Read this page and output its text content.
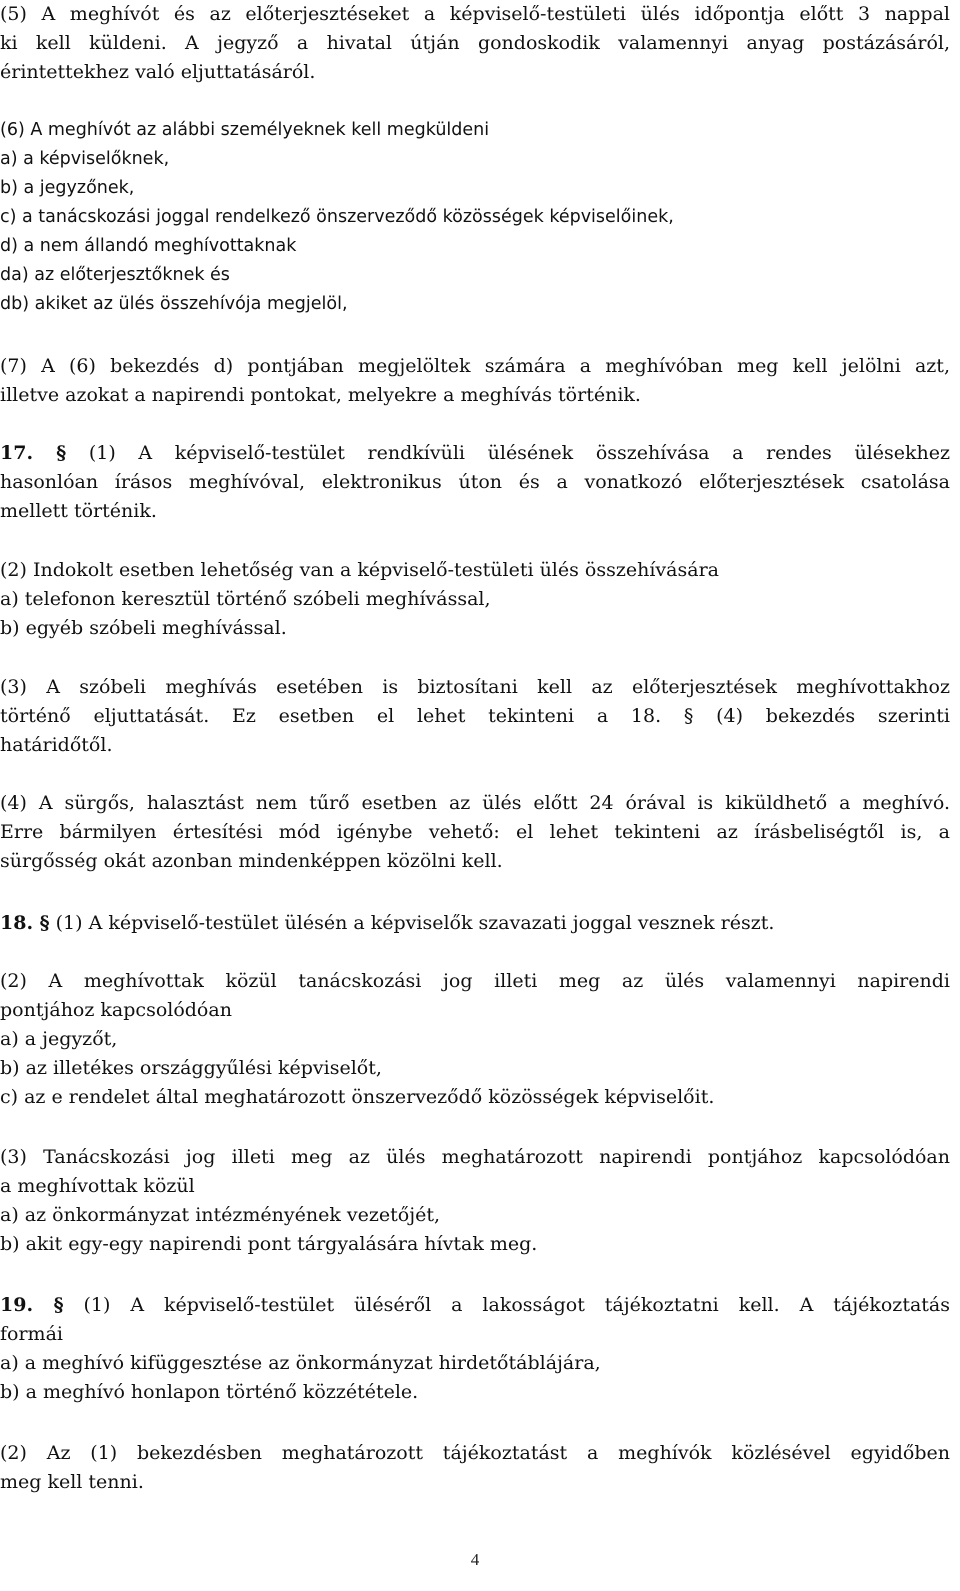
(5) A meghívót és az előterjesztéseket a képviselő-testületi ülés időpontja előtt 3 nappal
ki kell küldeni. A jegyző a hivatal útján gondoskodik valamennyi anyag postázásáról,
érintettekhez való eljuttatásáról.
(6) A meghívót az alábbi személyeknek kell megküldeni
a) a képviselőknek,
b) a jegyzőnek,
c) a tanácskozási joggal rendelkező önszerveződő közösségek képviselőinek,
d) a nem állandó meghívottaknak
da) az előterjesztőknek és
db) akiket az ülés összehívója megjelöl,
(7) A (6) bekezdés d) pontjában megjelöltek számára a meghívóban meg kell jelölni azt,
illetve azokat a napirendi pontokat, melyekre a meghívás történik.
17. § (1) A képviselő-testület rendkívüli ülésének összehívása a rendes ülésekhez
hasonlóan írásos meghívóval, elektronikus úton és a vonatkozó előterjesztések csatolása
mellett történik.
(2) Indokolt esetben lehetőség van a képviselő-testületi ülés összehívására
a) telefonon keresztül történő szóbeli meghívással,
b) egyéb szóbeli meghívással.
(3) A szóbeli meghívás esetében is biztosítani kell az előterjesztések meghívottakhoz
történő eljuttatását. Ez esetben el lehet tekinteni a 18. § (4) bekezdés szerinti
határidőtől.
(4) A sürgős, halasztást nem tűrő esetben az ülés előtt 24 órával is kiküldhető a meghívó.
Erre bármilyen értesítési mód igénybe vehető: el lehet tekinteni az írásbeliségtől is, a
sürgősség okát azonban mindenképpen közölni kell.
18. § (1) A képviselő-testület ülésén a képviselők szavazati joggal vesznek részt.
(2) A meghívottak közül tanácskozási jog illeti meg az ülés valamennyi napirendi
pontjához kapcsolódóan
a) a jegyzőt,
b) az illetékes országgyűlési képviselőt,
c) az e rendelet által meghatározott önszerveződő közösségek képviselőit.
(3) Tanácskozási jog illeti meg az ülés meghatározott napirendi pontjához kapcsolódóan
a meghívottak közül
a) az önkormányzat intézményének vezetőjét,
b) akit egy-egy napirendi pont tárgyalására hívtak meg.
19. § (1) A képviselő-testület üléséről a lakosságot tájékoztatni kell. A tájékoztatás
formái
a) a meghívó kifüggesztése az önkormányzat hirdetőtáblájára,
b) a meghívó honlapon történő közzététele.
(2) Az (1) bekezdésben meghatározott tájékoztatást a meghívók közlésével egyidőben
meg kell tenni.
4
